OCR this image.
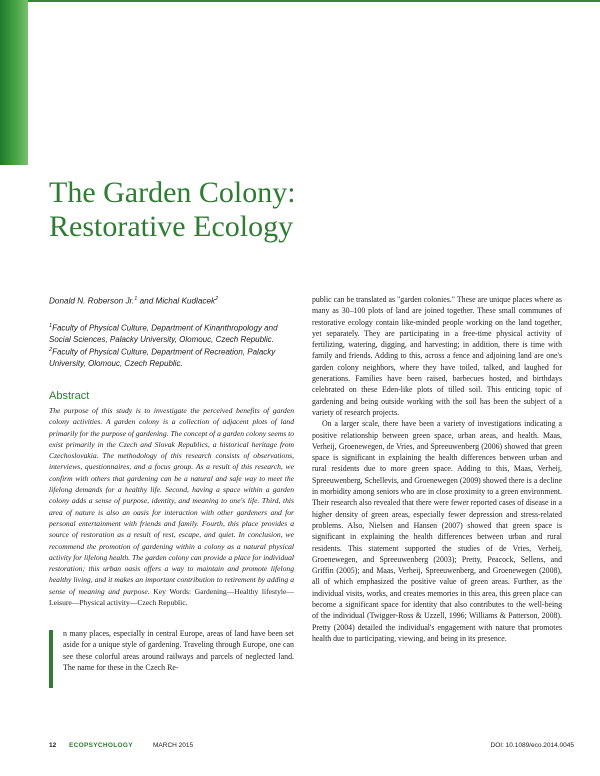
The Garden Colony:
Restorative Ecology
Donald N. Roberson Jr.$^1$ and Michal Kudlacek$^2$
$^1$Faculty of Physical Culture, Department of Kinanthropology and Social Sciences, Palacky University, Olomouc, Czech Republic.
$^2$Faculty of Physical Culture, Department of Recreation, Palacky University, Olomouc, Czech Republic.
Abstract

The purpose of this study is to investigate the perceived benefits of garden colony activities. A garden colony is a collection of adjacent plots of land primarily for the purpose of gardening. The concept of a garden colony seems to exist primarily in the Czech and Slovak Republics, a historical heritage from Czechoslovakia. The methodology of this research consists of observations, interviews, questionnaires, and a focus group. As a result of this research, we confirm with others that gardening can be a natural and safe way to meet the lifelong demands for a healthy life. Second, having a space within a garden colony adds a sense of purpose, identity, and meaning to one's life. Third, this area of nature is also an oasis for interaction with other gardeners and for personal entertainment with friends and family. Fourth, this place provides a source of restoration as a result of rest, escape, and quiet. In conclusion, we recommend the promotion of gardening within a colony as a natural physical activity for lifelong health. The garden colony can provide a place for individual restoration; this urban oasis offers a way to maintain and promote lifelong healthy living, and it makes an important contribution to retirement by adding a sense of meaning and purpose. Key Words: Gardening—Healthy lifestyle—Leisure—Physical activity—Czech Republic.

n many places, especially in central Europe, areas of land have been set aside for a unique style of gardening. Traveling through Europe, one can see these colorful areas around railways and parcels of neglected land. The name for these in the Czech Re-

public can be translated as "garden colonies." These are unique places where as many as 30–100 plots of land are joined together. These small communes of restorative ecology contain like-minded people working on the land together, yet separately. They are participating in a free-time physical activity of fertilizing, watering, digging, and harvesting; in addition, there is time with family and friends. Adding to this, across a fence and adjoining land are one's garden colony neighbors, where they have toiled, talked, and laughed for generations. Families have been raised, barbecues hosted, and birthdays celebrated on these Eden-like plots of tilled soil. This enticing topic of gardening and being outside working with the soil has been the subject of a variety of research projects.

On a larger scale, there have been a variety of investigations indicating a positive relationship between green space, urban areas, and health. Maas, Verheij, Groenewegen, de Vries, and Spreeuwenberg (2006) showed that green space is significant in explaining the health differences between urban and rural residents due to more green space. Adding to this, Maas, Verheij, Spreeuwenberg, Schellevis, and Groenewegen (2009) showed there is a decline in morbidity among seniors who are in close proximity to a green environment. Their research also revealed that there were fewer reported cases of disease in a higher density of green areas, especially fewer depression and stress-related problems. Also, Nielsen and Hansen (2007) showed that green space is significant in explaining the health differences between urban and rural residents. This statement supported the studies of de Vries, Verheij, Groenewegen, and Spreeuwenberg (2003); Pretty, Peacock, Sellens, and Griffin (2005); and Maas, Verheij, Spreeuwenberg, and Groenewegen (2008), all of which emphasized the positive value of green areas. Further, as the individual visits, works, and creates memories in this area, this green place can become a significant space for identity that also contributes to the well-being of the individual (Twigger-Ross & Uzzell, 1996; Williams & Patterson, 2008). Pretty (2004) detailed the individual's engagement with nature that promotes health due to participating, viewing, and being in its presence.

12 ECOPSYCHOLOGY	MARCH 2015	DOI: 10.1089/eco.2014.0045
